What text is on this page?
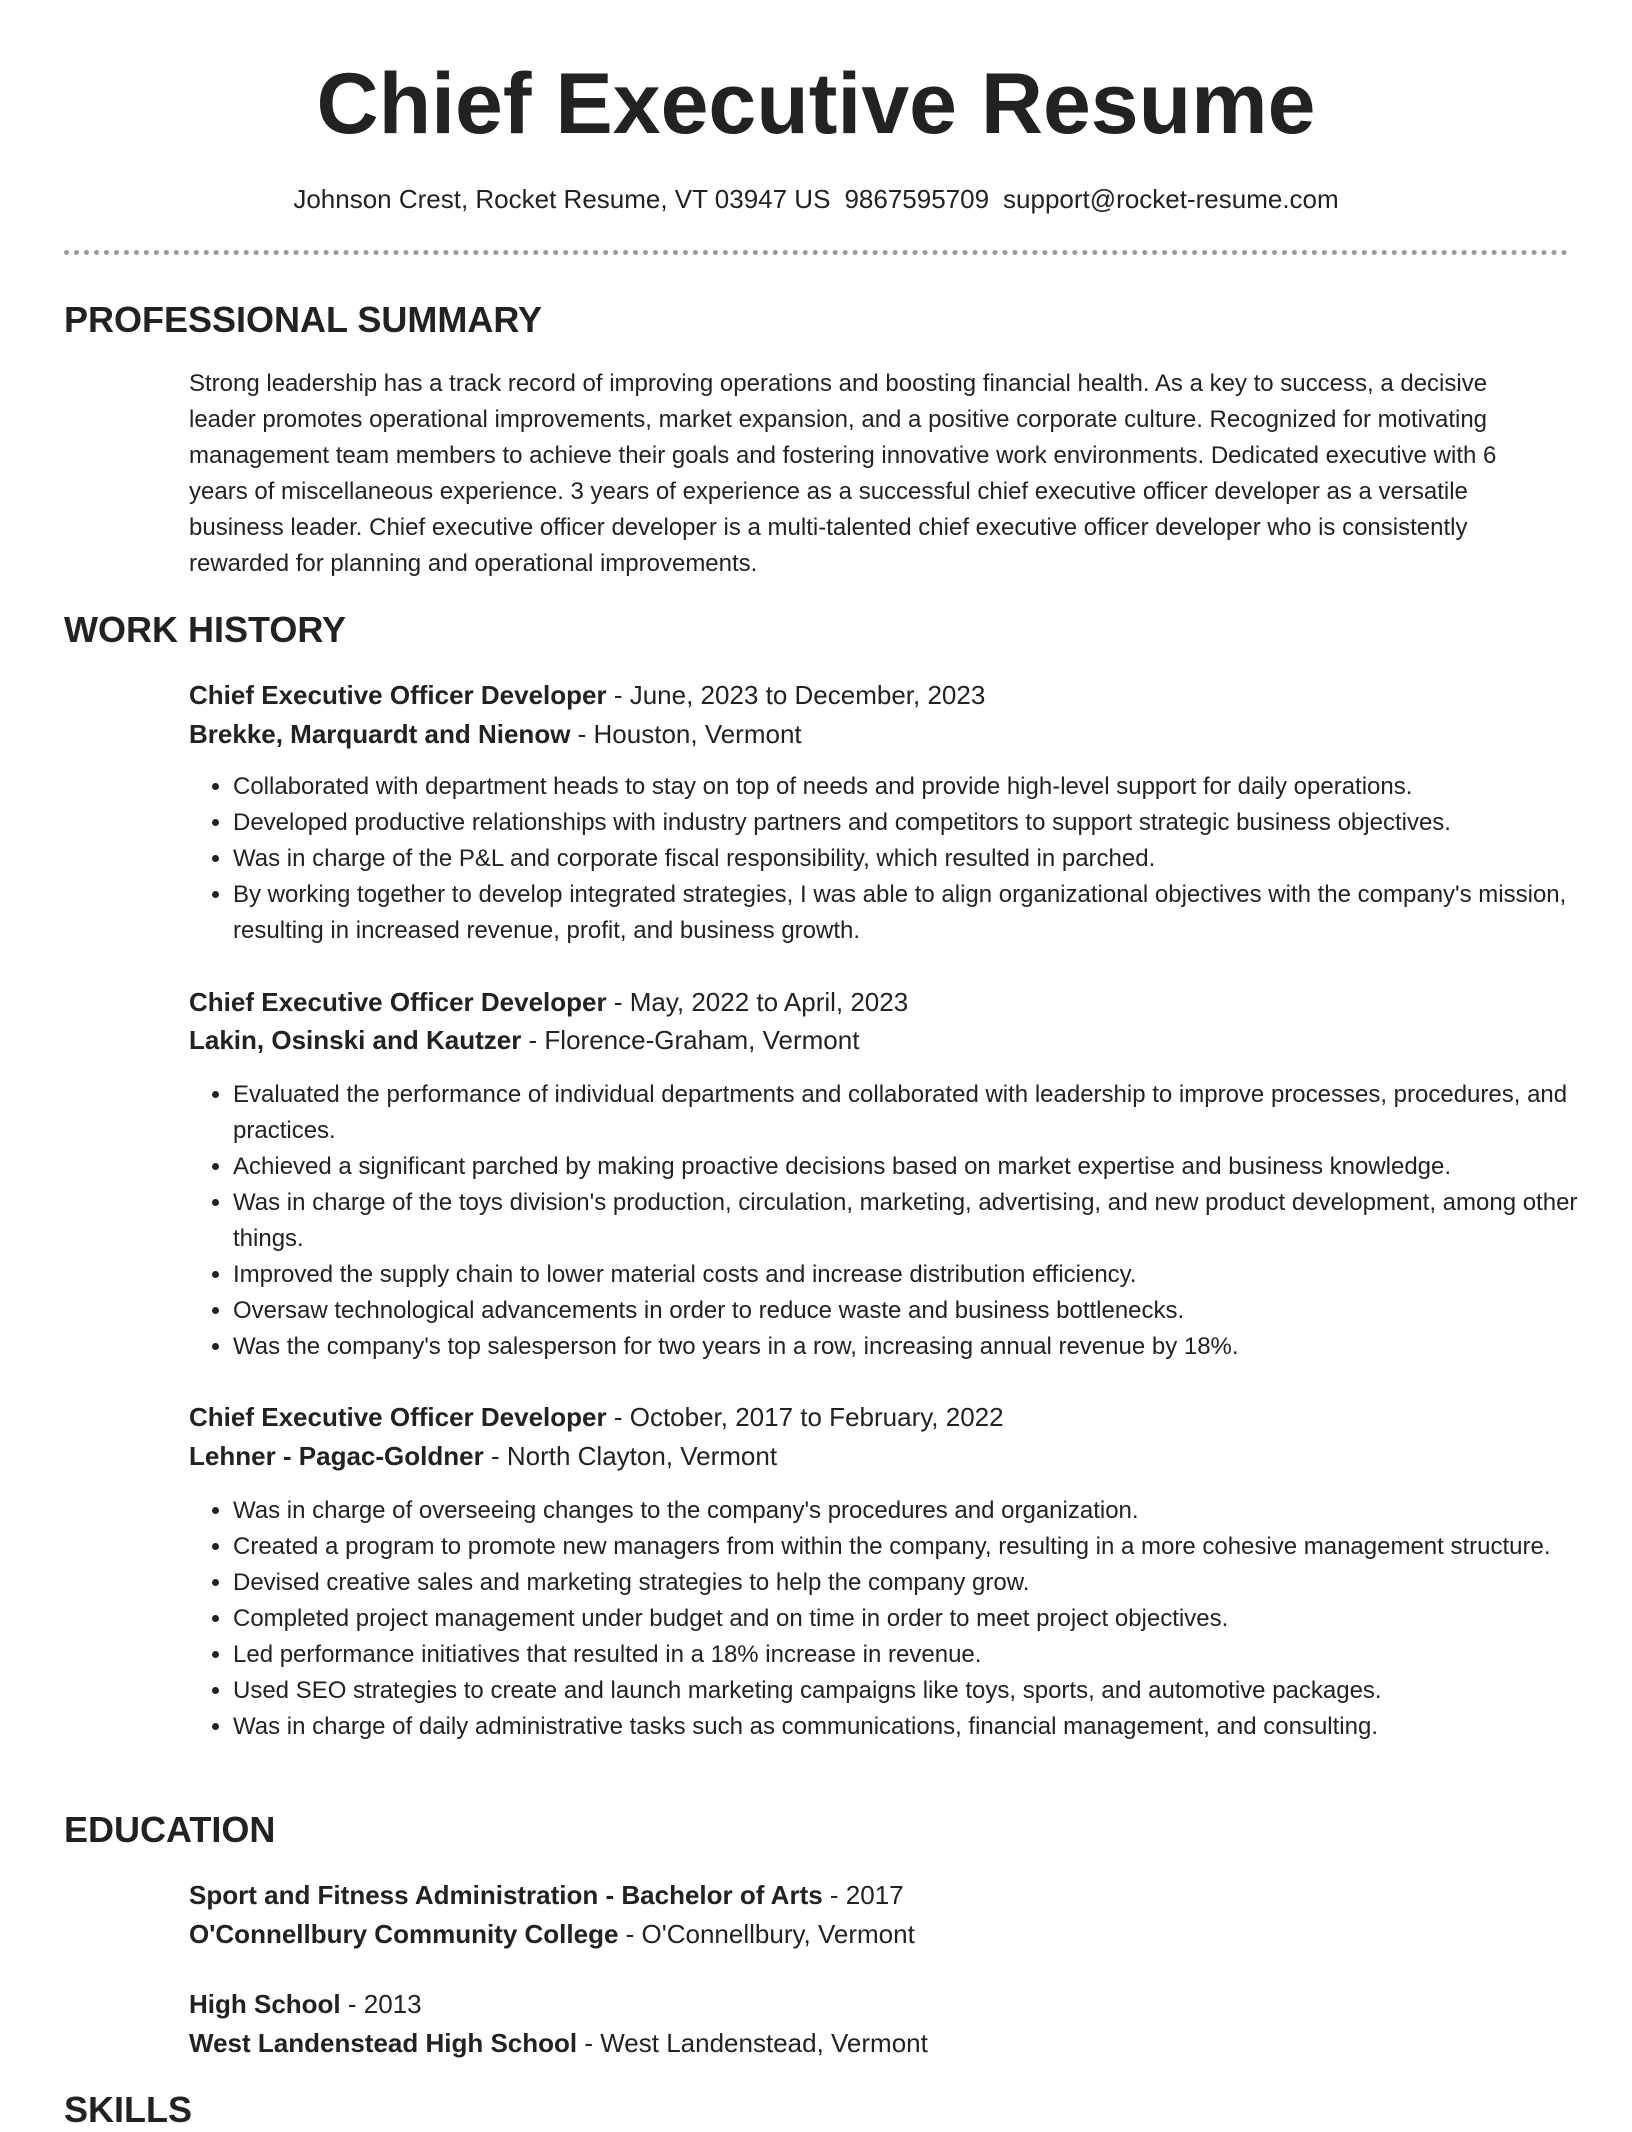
Chief Executive Resume
Johnson Crest, Rocket Resume, VT 03947 US 9867595709 support@rocket-resume.com
PROFESSIONAL SUMMARY

Strong leadership has a track record of improving operations and boosting financial health. As a key to success, a decisive leader promotes operational improvements, market expansion, and a positive corporate culture. Recognized for motivating management team members to achieve their goals and fostering innovative work environments. Dedicated executive with 6 years of miscellaneous experience. 3 years of experience as a successful chief executive officer developer as a versatile business leader. Chief executive officer developer is a multi-talented chief executive officer developer who is consistently rewarded for planning and operational improvements.

WORK HISTORY
Chief Executive Officer Developer - June, 2023 to December, 2023
Brekke, Marquardt and Nienow - Houston, Vermont
• Collaborated with department heads to stay on top of needs and provide high-level support for daily operations.
• Developed productive relationships with industry partners and competitors to support strategic business objectives.
• Was in charge of the P&L and corporate fiscal responsibility, which resulted in parched.
• By working together to develop integrated strategies, I was able to align organizational objectives with the company's mission, resulting in increased revenue, profit, and business growth.
Chief Executive Officer Developer - May, 2022 to April, 2023
Lakin, Osinski and Kautzer - Florence-Graham, Vermont
• Evaluated the performance of individual departments and collaborated with leadership to improve processes, procedures, and practices.
• Achieved a significant parched by making proactive decisions based on market expertise and business knowledge.
• Was in charge of the toys division's production, circulation, marketing, advertising, and new product development, among other things.
• Improved the supply chain to lower material costs and increase distribution efficiency.
• Oversaw technological advancements in order to reduce waste and business bottlenecks.
• Was the company's top salesperson for two years in a row, increasing annual revenue by 18%.
Chief Executive Officer Developer - October, 2017 to February, 2022
Lehner - Pagac-Goldner - North Clayton, Vermont
• Was in charge of overseeing changes to the company's procedures and organization.
• Created a program to promote new managers from within the company, resulting in a more cohesive management structure.
• Devised creative sales and marketing strategies to help the company grow.
• Completed project management under budget and on time in order to meet project objectives.
• Led performance initiatives that resulted in a 18% increase in revenue.
• Used SEO strategies to create and launch marketing campaigns like toys, sports, and automotive packages.
• Was in charge of daily administrative tasks such as communications, financial management, and consulting.
EDUCATION
Sport and Fitness Administration - Bachelor of Arts - 2017
O'Connellbury Community College - O'Connellbury, Vermont
High School - 2013
West Landenstead High School - West Landenstead, Vermont
SKILLS
